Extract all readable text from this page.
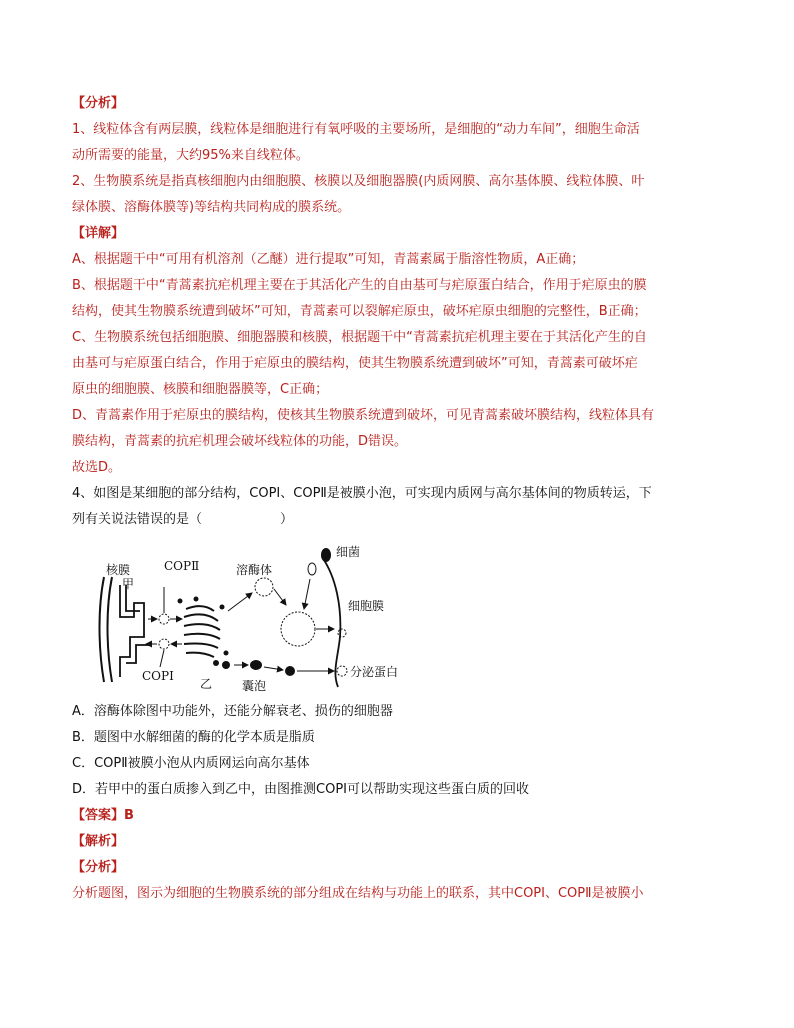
【分析】
1、线粒体含有两层膜，线粒体是细胞进行有氧呼吸的主要场所，是细胞的“动力车间”，细胞生命活
动所需要的能量，大约95%来自线粒体。
2、生物膜系统是指真核细胞内由细胞膜、核膜以及细胞器膜(内质网膜、高尔基体膜、线粒体膜、叶
绿体膜、溶酶体膜等)等结构共同构成的膜系统。
【详解】
A、根据题干中“可用有机溶剂（乙醚）进行提取”可知，青蒿素属于脂溶性物质，A正确；
B、根据题干中“青蒿素抗疟机理主要在于其活化产生的自由基可与疟原蛋白结合，作用于疟原虫的膜
结构，使其生物膜系统遭到破坏”可知，青蒿素可以裂解疟原虫，破坏疟原虫细胞的完整性，B正确；
C、生物膜系统包括细胞膜、细胞器膜和核膜，根据题干中“青蒿素抗疟机理主要在于其活化产生的自
由基可与疟原蛋白结合，作用于疟原虫的膜结构，使其生物膜系统遭到破坏”可知，青蒿素可破坏疟
原虫的细胞膜、核膜和细胞器膜等，C正确；
D、青蒿素作用于疟原虫的膜结构，使核其生物膜系统遭到破坏，可见青蒿素破坏膜结构，线粒体具有
膜结构，青蒿素的抗疟机理会破坏线粒体的功能，D错误。
故选D。
4、如图是某细胞的部分结构，COPⅠ、COPⅡ是被膜小泡，可实现内质网与高尔基体间的物质转运，下
列有关说法错误的是（　　　　　　）
核膜
甲
COPⅡ
COPⅠ
乙
溶酶体
细菌
细胞膜
囊泡
分泌蛋白
A．溶酶体除图中功能外，还能分解衰老、损伤的细胞器
B．题图中水解细菌的酶的化学本质是脂质
C．COPⅡ被膜小泡从内质网运向高尔基体
D．若甲中的蛋白质掺入到乙中，由图推测COPⅠ可以帮助实现这些蛋白质的回收
【答案】B
【解析】
【分析】
分析题图，图示为细胞的生物膜系统的部分组成在结构与功能上的联系，其中COPⅠ、COPⅡ是被膜小
